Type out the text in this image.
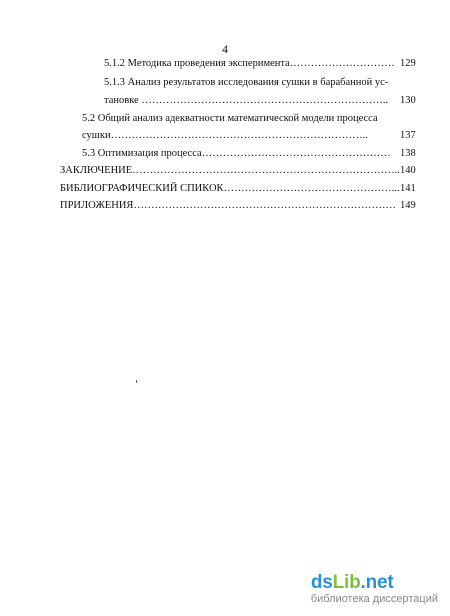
4
5.1.2 Методика проведения эксперимента………………………… 129
5.1.3 Анализ результатов исследования сушки в барабанной ус-
тановке …………………………………………………………….. 130
5.2 Общий анализ адекватности математической модели процесса
сушки………………………………………………………………..	137
5.3 Оптимизация процесса……………………………………………… 138
ЗАКЛЮЧЕНИЕ………………………………………………………………….. 140
БИБЛИОГРАФИЧЕСКИЙ СПИКОК…………………………………………... 141
ПРИЛОЖЕНИЯ………………………………………………………………… 149
dsLib.net
библиотека диссертаций
